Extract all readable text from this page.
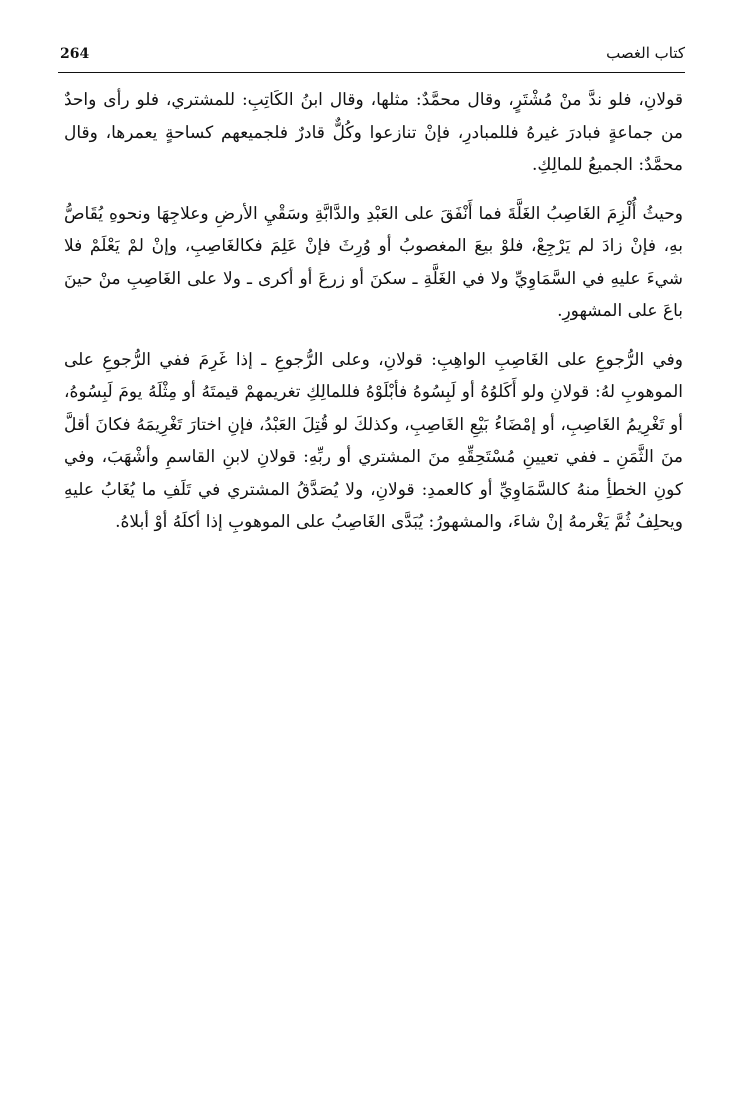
264	كتاب الغصب

قولانِ، فلو ندَّ منْ مُشْتَرٍ، وقال محمَّدٌ: مثلها، وقال ابنُ الكَاتِبِ: للمشتري، فلو رأى واحدٌ من جماعةٍ فبادرَ غيرهُ فللمبادرِ، فإنْ تنازعوا وكُلٌّ قادرٌ فلجميعهم كساحةٍ يعمرها، وقال محمَّدٌ: الجميعُ للمالِكِ.

وحيثُ أُلْزِمَ الغَاصِبُ الغَلَّةَ فما أَنْفَقَ على العَبْدِ والدَّابَّةِ وسَقْيِ الأرضِ وعلاجِهَا ونحوهِ يُقَاصُّ بهِ، فإنْ زادَ لم يَرْجِعْ، فلوْ بيعَ المغصوبُ أو وُرِثَ فإنْ عَلِمَ فكالغَاصِبِ، وإنْ لمْ يَعْلَمْ فلا شيءَ عليهِ في السَّمَاوِيِّ ولا في الغَلَّةِ ـ سكنَ أو زرعَ أو أكرى ـ ولا على الغَاصِبِ منْ حينَ باعَ على المشهورِ.

وفي الرُّجوعِ على الغَاصِبِ الواهِبِ: قولانِ، وعلى الرُّجوعِ ـ إذا غَرِمَ ففي الرُّجوعِ على الموهوبِ لهُ: قولانِ ولو أَكَلوُهُ أو لَبِسُوهُ فأبْلَوْهُ فللمالِكِ تغريمهمْ قيمتَهُ أو مِثْلَهُ يومَ لَبِسُوهُ، أو تَغْرِيمُ الغَاصِبِ، أو إمْضَاءُ بَيْعِ الغَاصِبِ، وكذلكَ لو قُتِلَ العَبْدُ، فإنِ اختارَ تَغْرِيمَهُ فكانَ أقلَّ منَ الثَّمَنِ ـ ففي تعيينِ مُسْتَحِقِّهِ منَ المشتري أو ربِّهِ: قولانِ لابنِ القاسمِ وأشْهَبَ، وفي كونِ الخطأِ منهُ كالسَّمَاوِيِّ أو كالعمدِ: قولانِ، ولا يُصَدَّقُ المشتري في تَلَفِ ما يُغَابُ عليهِ ويحلِفُ ثُمَّ يَغْرمهُ إنْ شاءَ، والمشهورُ: يُبَدَّى الغَاصِبُ على الموهوبِ إذا أكلَهُ أوْ أبلاهُ.
